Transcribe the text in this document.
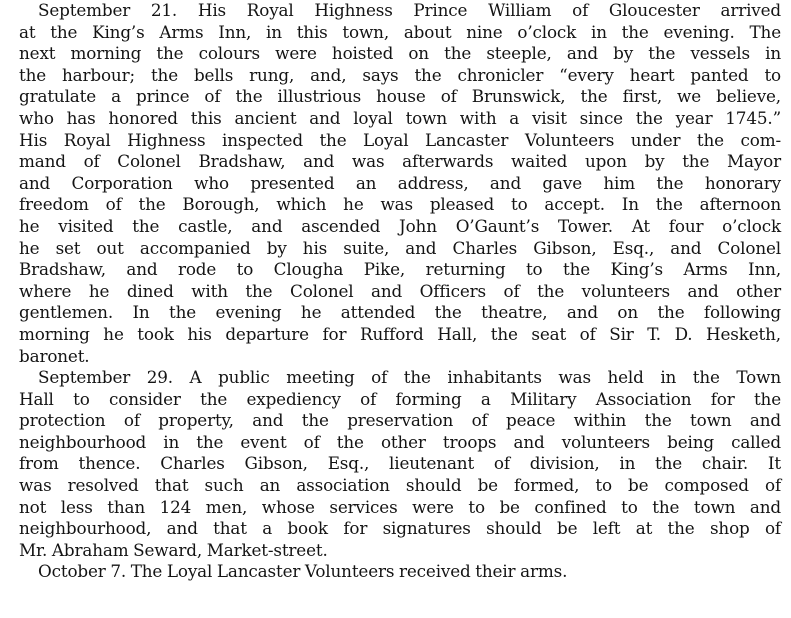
September 21. His Royal Highness Prince William of Gloucester arrived
at the King’s Arms Inn, in this town, about nine o’clock in the evening. The
next morning the colours were hoisted on the steeple, and by the vessels in
the harbour; the bells rung, and, says the chronicler “every heart panted to
gratulate a prince of the illustrious house of Brunswick, the first, we believe,
who has honored this ancient and loyal town with a visit since the year 1745.”
His Royal Highness inspected the Loyal Lancaster Volunteers under the com-
mand of Colonel Bradshaw, and was afterwards waited upon by the Mayor
and Corporation who presented an address, and gave him the honorary
freedom of the Borough, which he was pleased to accept. In the afternoon
he visited the castle, and ascended John O’Gaunt’s Tower. At four o’clock
he set out accompanied by his suite, and Charles Gibson, Esq., and Colonel
Bradshaw, and rode to Clougha Pike, returning to the King’s Arms Inn,
where he dined with the Colonel and Officers of the volunteers and other
gentlemen. In the evening he attended the theatre, and on the following
morning he took his departure for Rufford Hall, the seat of Sir T. D. Hesketh,
baronet.
September 29. A public meeting of the inhabitants was held in the Town
Hall to consider the expediency of forming a Military Association for the
protection of property, and the preservation of peace within the town and
neighbourhood in the event of the other troops and volunteers being called
from thence. Charles Gibson, Esq., lieutenant of division, in the chair. It
was resolved that such an association should be formed, to be composed of
not less than 124 men, whose services were to be confined to the town and
neighbourhood, and that a book for signatures should be left at the shop of
Mr. Abraham Seward, Market-street.
October 7. The Loyal Lancaster Volunteers received their arms.
